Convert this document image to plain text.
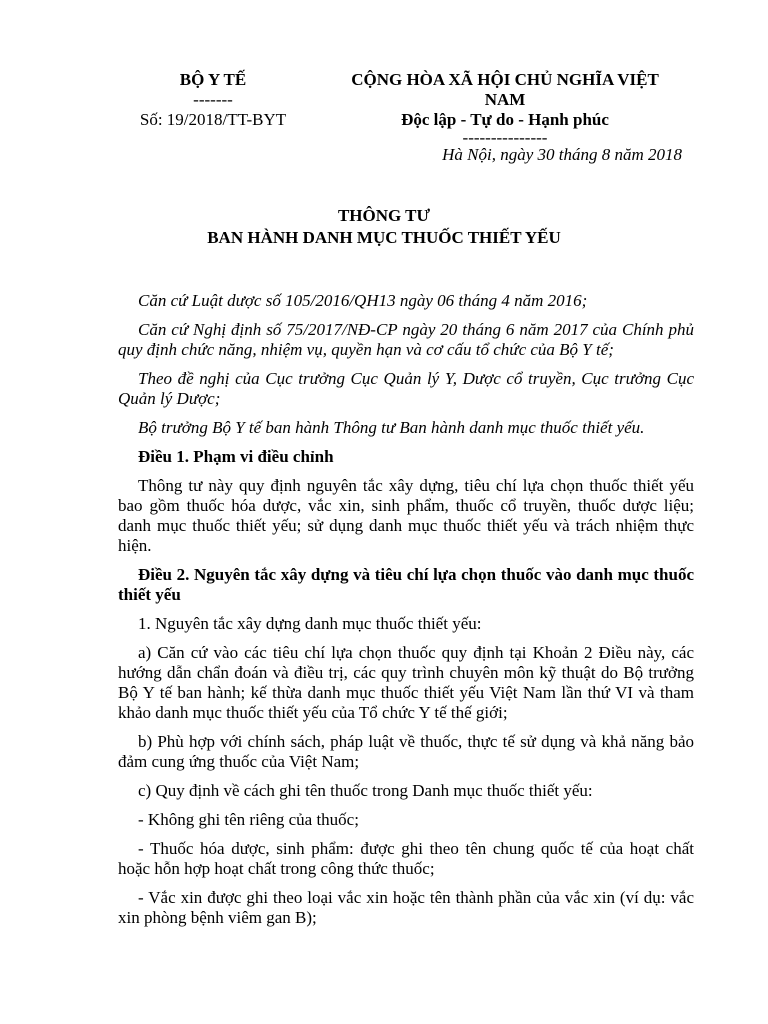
BỘ Y TẾ
-------
Số: 19/2018/TT-BYT
CỘNG HÒA XÃ HỘI CHỦ NGHĨA VIỆT NAM
Độc lập - Tự do - Hạnh phúc
---------------
Hà Nội, ngày 30 tháng 8 năm 2018
THÔNG TƯ
BAN HÀNH DANH MỤC THUỐC THIẾT YẾU

Căn cứ Luật dược số 105/2016/QH13 ngày 06 tháng 4 năm 2016;

Căn cứ Nghị định số 75/2017/NĐ-CP ngày 20 tháng 6 năm 2017 của Chính phủ quy định chức năng, nhiệm vụ, quyền hạn và cơ cấu tổ chức của Bộ Y tế;

Theo đề nghị của Cục trưởng Cục Quản lý Y, Dược cổ truyền, Cục trưởng Cục Quản lý Dược;

Bộ trưởng Bộ Y tế ban hành Thông tư Ban hành danh mục thuốc thiết yếu.

Điều 1. Phạm vi điều chỉnh

Thông tư này quy định nguyên tắc xây dựng, tiêu chí lựa chọn thuốc thiết yếu bao gồm thuốc hóa dược, vắc xin, sinh phẩm, thuốc cổ truyền, thuốc dược liệu; danh mục thuốc thiết yếu; sử dụng danh mục thuốc thiết yếu và trách nhiệm thực hiện.

Điều 2. Nguyên tắc xây dựng và tiêu chí lựa chọn thuốc vào danh mục thuốc thiết yếu

1. Nguyên tắc xây dựng danh mục thuốc thiết yếu:

a) Căn cứ vào các tiêu chí lựa chọn thuốc quy định tại Khoản 2 Điều này, các hướng dẫn chẩn đoán và điều trị, các quy trình chuyên môn kỹ thuật do Bộ trưởng Bộ Y tế ban hành; kế thừa danh mục thuốc thiết yếu Việt Nam lần thứ VI và tham khảo danh mục thuốc thiết yếu của Tổ chức Y tế thế giới;

b) Phù hợp với chính sách, pháp luật về thuốc, thực tế sử dụng và khả năng bảo đảm cung ứng thuốc của Việt Nam;

c) Quy định về cách ghi tên thuốc trong Danh mục thuốc thiết yếu:

- Không ghi tên riêng của thuốc;

- Thuốc hóa dược, sinh phẩm: được ghi theo tên chung quốc tế của hoạt chất hoặc hỗn hợp hoạt chất trong công thức thuốc;

- Vắc xin được ghi theo loại vắc xin hoặc tên thành phần của vắc xin (ví dụ: vắc xin phòng bệnh viêm gan B);
